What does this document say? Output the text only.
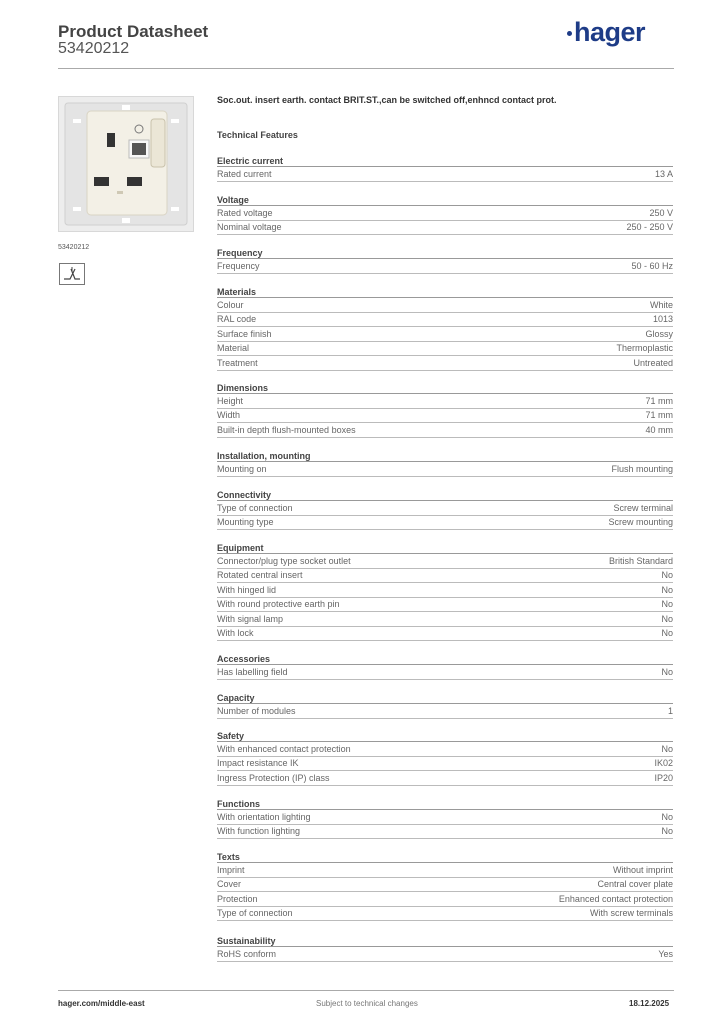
Product Datasheet
53420212
hager
53420212
Soc.out. insert earth. contact BRIT.ST.,can be switched off,enhncd contact prot.
Technical Features
Electric current
Rated current	13 A
Voltage
Rated voltage	250 V
Nominal voltage	250 - 250 V
Frequency
Frequency	50 - 60 Hz
Materials
Colour	White
RAL code	1013
Surface finish	Glossy
Material	Thermoplastic
Treatment	Untreated
Dimensions
Height	71 mm
Width	71 mm
Built-in depth flush-mounted boxes	40 mm
Installation, mounting
Mounting on	Flush mounting
Connectivity
Type of connection	Screw terminal
Mounting type	Screw mounting
Equipment
Connector/plug type socket outlet	British Standard
Rotated central insert	No
With hinged lid	No
With round protective earth pin	No
With signal lamp	No
With lock	No
Accessories
Has labelling field	No
Capacity
Number of modules	1
Safety
With enhanced contact protection	No
Impact resistance IK	IK02
Ingress Protection (IP) class	IP20
Functions
With orientation lighting	No
With function lighting	No
Texts
Imprint	Without imprint
Cover	Central cover plate
Protection	Enhanced contact protection
Type of connection	With screw terminals
Sustainability
RoHS conform	Yes
hager.com/middle-east	Subject to technical changes	18.12.2025
